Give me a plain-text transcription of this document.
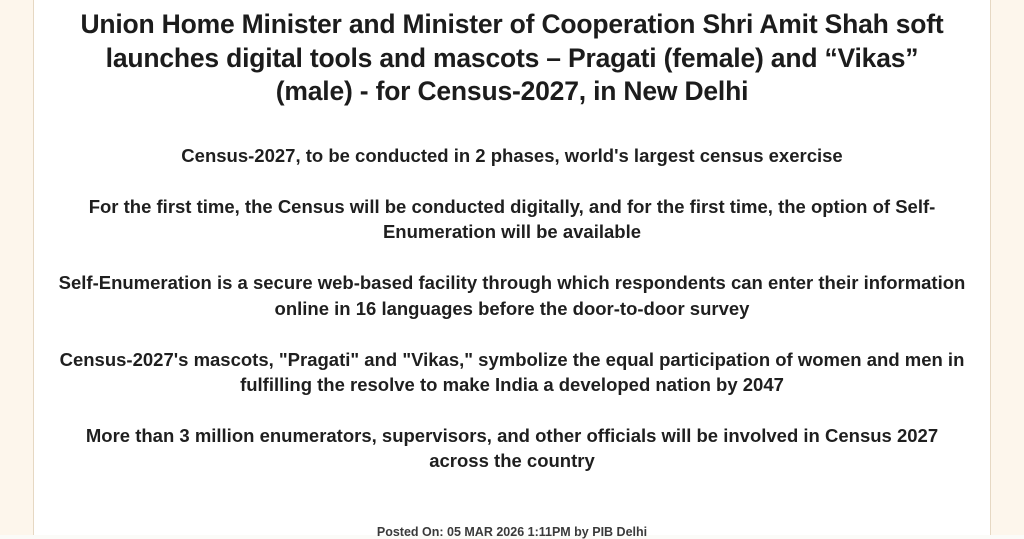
Union Home Minister and Minister of Cooperation Shri Amit Shah soft launches digital tools and mascots – Pragati (female) and “Vikas” (male) - for Census-2027, in New Delhi

Census-2027, to be conducted in 2 phases, world's largest census exercise

For the first time, the Census will be conducted digitally, and for the first time, the option of Self-Enumeration will be available

Self-Enumeration is a secure web-based facility through which respondents can enter their information online in 16 languages before the door-to-door survey

Census-2027's mascots, "Pragati" and "Vikas," symbolize the equal participation of women and men in fulfilling the resolve to make India a developed nation by 2047

More than 3 million enumerators, supervisors, and other officials will be involved in Census 2027 across the country

Posted On: 05 MAR 2026 1:11PM by PIB Delhi
